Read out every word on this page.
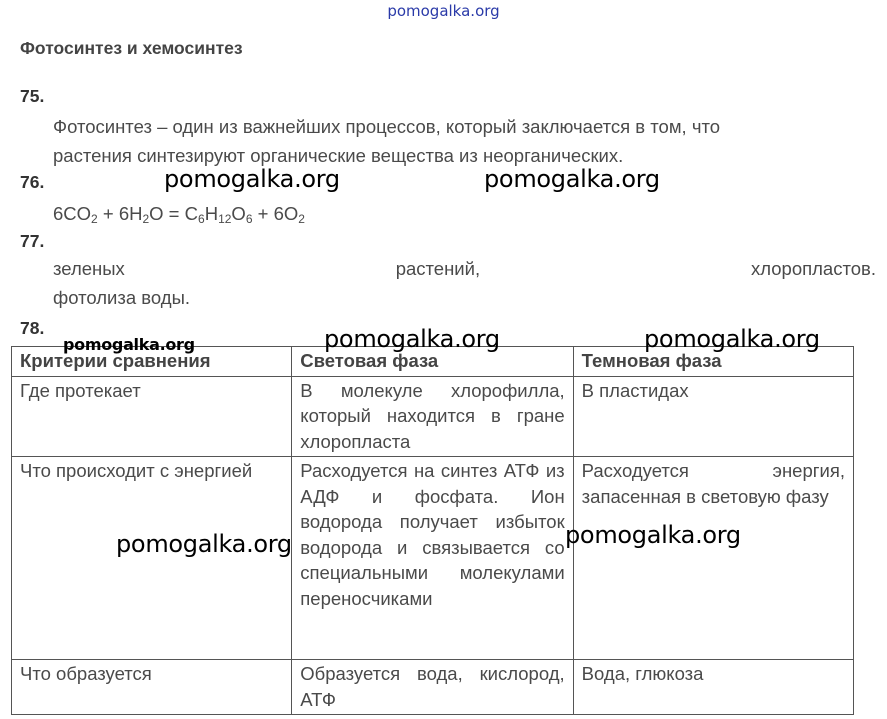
pomogalka.org
Фотосинтез и хемосинтез
75.
Фотосинтез – один из важнейших процессов, который заключается в том, что
растения синтезируют органические вещества из неорганических.
76.
$6CO_2 + 6H_2O = C_6H_{12}O_6 + 6O_2$
77.
зеленых	растений,	хлоропластов.
фотолиза воды.
78.
Критерии сравнения	Световая фаза	Темновая фаза
Где протекает	В молекуле хлорофилла, который находится в гране хлоропласта	В пластидах
Что происходит с энергией	Расходуется на синтез АТФ из АДФ и фосфата. Ион водорода получает избыток водорода и связывается со специальными молекулами переносчиками	Расходуется энергия, запасенная в световую фазу
Что образуется	Образуется вода, кислород, АТФ	Вода, глюкоза
pomogalka.org	pomogalka.org
pomogalka.org	pomogalka.org	pomogalka.org
pomogalka.org	pomogalka.org
